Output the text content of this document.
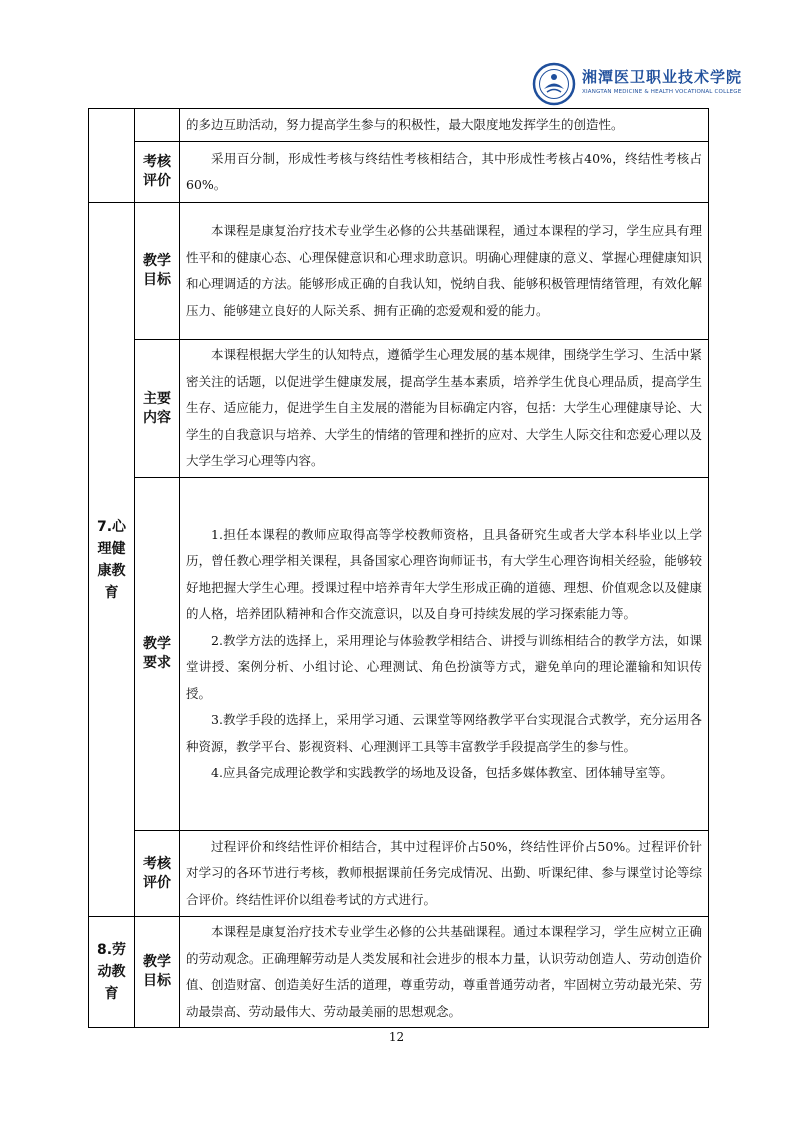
湘潭医卫职业技术学院
XIANGTAN MEDICINE & HEALTH VOCATIONAL COLLEGE

		的多边互助活动，努力提高学生参与的积极性，最大限度地发挥学生的创造性。

	考核评价	采用百分制，形成性考核与终结性考核相结合，其中形成性考核占40%，终结性考核占60%。

7.心理健康教育	教学目标	本课程是康复治疗技术专业学生必修的公共基础课程，通过本课程的学习，学生应具有理性平和的健康心态、心理保健意识和心理求助意识。明确心理健康的意义、掌握心理健康知识和心理调适的方法。能够形成正确的自我认知，悦纳自我、能够积极管理情绪管理，有效化解压力、能够建立良好的人际关系、拥有正确的恋爱观和爱的能力。

	主要内容	本课程根据大学生的认知特点，遵循学生心理发展的基本规律，围绕学生学习、生活中紧密关注的话题，以促进学生健康发展，提高学生基本素质，培养学生优良心理品质，提高学生生存、适应能力，促进学生自主发展的潜能为目标确定内容，包括：大学生心理健康导论、大学生的自我意识与培养、大学生的情绪的管理和挫折的应对、大学生人际交往和恋爱心理以及大学生学习心理等内容。

	教学要求	1.担任本课程的教师应取得高等学校教师资格，且具备研究生或者大学本科毕业以上学历，曾任教心理学相关课程，具备国家心理咨询师证书，有大学生心理咨询相关经验，能够较好地把握大学生心理。授课过程中培养青年大学生形成正确的道德、理想、价值观念以及健康的人格，培养团队精神和合作交流意识，以及自身可持续发展的学习探索能力等。

2.教学方法的选择上，采用理论与体验教学相结合、讲授与训练相结合的教学方法，如课堂讲授、案例分析、小组讨论、心理测试、角色扮演等方式，避免单向的理论灌输和知识传授。

3.教学手段的选择上，采用学习通、云课堂等网络教学平台实现混合式教学，充分运用各种资源，教学平台、影视资料、心理测评工具等丰富教学手段提高学生的参与性。

4.应具备完成理论教学和实践教学的场地及设备，包括多媒体教室、团体辅导室等。

	考核评价	过程评价和终结性评价相结合，其中过程评价占50%，终结性评价占50%。过程评价针对学习的各环节进行考核，教师根据课前任务完成情况、出勤、听课纪律、参与课堂讨论等综合评价。终结性评价以组卷考试的方式进行。

8.劳动教育	教学目标	本课程是康复治疗技术专业学生必修的公共基础课程。通过本课程学习，学生应树立正确的劳动观念。正确理解劳动是人类发展和社会进步的根本力量，认识劳动创造人、劳动创造价值、创造财富、创造美好生活的道理，尊重劳动，尊重普通劳动者，牢固树立劳动最光荣、劳动最崇高、劳动最伟大、劳动最美丽的思想观念。

12
